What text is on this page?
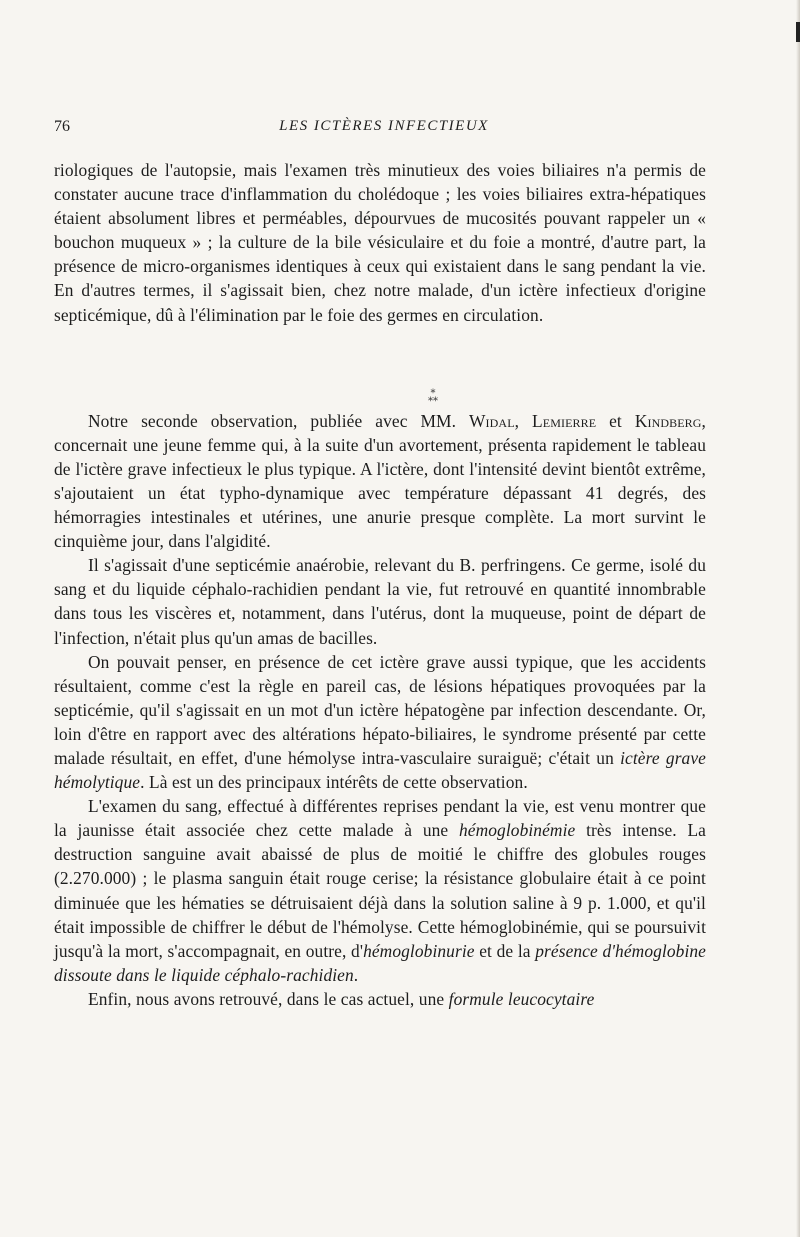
76	LES ICTÈRES INFECTIEUX
*
**

riologiques de l'autopsie, mais l'examen très minutieux des voies biliaires n'a permis de constater aucune trace d'inflammation du cholédoque ; les voies biliaires extra-hépatiques étaient absolument libres et perméables, dépourvues de mucosités pouvant rappeler un « bouchon muqueux » ; la culture de la bile vésiculaire et du foie a montré, d'autre part, la présence de micro-organismes identiques à ceux qui existaient dans le sang pendant la vie. En d'autres termes, il s'agissait bien, chez notre malade, d'un ictère infectieux d'origine septicémique, dû à l'élimination par le foie des germes en circulation.

Notre seconde observation, publiée avec MM. Widal, Lemierre et Kindberg, concernait une jeune femme qui, à la suite d'un avortement, présenta rapidement le tableau de l'ictère grave infectieux le plus typique. A l'ictère, dont l'intensité devint bientôt extrême, s'ajoutaient un état typho-dynamique avec température dépassant 41 degrés, des hémorragies intestinales et utérines, une anurie presque complète. La mort survint le cinquième jour, dans l'algidité.

Il s'agissait d'une septicémie anaérobie, relevant du B. perfringens. Ce germe, isolé du sang et du liquide céphalo-rachidien pendant la vie, fut retrouvé en quantité innombrable dans tous les viscères et, notamment, dans l'utérus, dont la muqueuse, point de départ de l'infection, n'était plus qu'un amas de bacilles.

On pouvait penser, en présence de cet ictère grave aussi typique, que les accidents résultaient, comme c'est la règle en pareil cas, de lésions hépatiques provoquées par la septicémie, qu'il s'agissait en un mot d'un ictère hépatogène par infection descendante. Or, loin d'être en rapport avec des altérations hépato-biliaires, le syndrome présenté par cette malade résultait, en effet, d'une hémolyse intra-vasculaire suraiguë; c'était un ictère grave hémolytique. Là est un des principaux intérêts de cette observation.

L'examen du sang, effectué à différentes reprises pendant la vie, est venu montrer que la jaunisse était associée chez cette malade à une hémoglobinémie très intense. La destruction sanguine avait abaissé de plus de moitié le chiffre des globules rouges (2.270.000) ; le plasma sanguin était rouge cerise; la résistance globulaire était à ce point diminuée que les hématies se détruisaient déjà dans la solution saline à 9 p. 1.000, et qu'il était impossible de chiffrer le début de l'hémolyse. Cette hémoglobinémie, qui se poursuivit jusqu'à la mort, s'accompagnait, en outre, d'hémoglobinurie et de la présence d'hémoglobine dissoute dans le liquide céphalo-rachidien.

Enfin, nous avons retrouvé, dans le cas actuel, une formule leucocytaire
